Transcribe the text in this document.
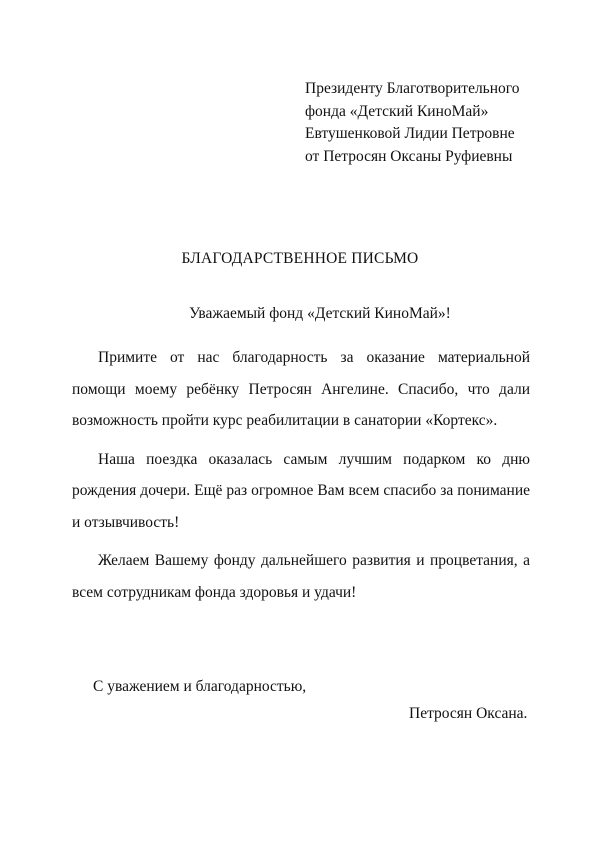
Президенту Благотворительного
фонда «Детский КиноМай»
Евтушенковой Лидии Петровне
от Петросян Оксаны Руфиевны
БЛАГОДАРСТВЕННОЕ ПИСЬМО
Уважаемый фонд «Детский КиноМай»!

Примите от нас благодарность за оказание материальной помощи моему ребёнку Петросян Ангелине. Спасибо, что дали возможность пройти курс реабилитации в санатории «Кортекс».

Наша поездка оказалась самым лучшим подарком ко дню рождения дочери. Ещё раз огромное Вам всем спасибо за понимание и отзывчивость!

Желаем Вашему фонду дальнейшего развития и процветания, а всем сотрудникам фонда здоровья и удачи!

С уважением и благодарностью,
Петросян Оксана.
